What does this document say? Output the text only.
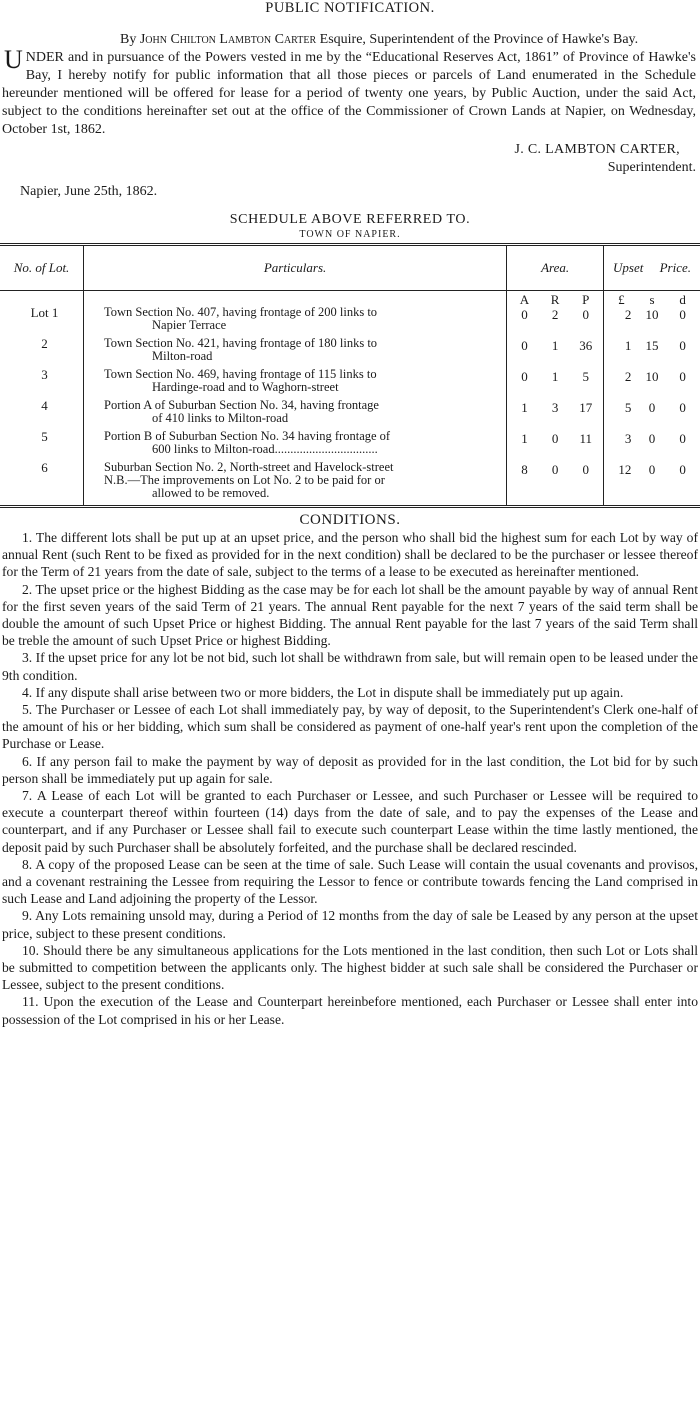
PUBLIC NOTIFICATION.

By John Chilton Lambton Carter Esquire, Superintendent of the Province of Hawke's Bay.

UNDER and in pursuance of the Powers vested in me by the “Educational Reserves Act, 1861” of Province of Hawke's Bay, I hereby notify for public information that all those pieces or parcels of Land enumerated in the Schedule hereunder mentioned will be offered for lease for a period of twenty one years, by Public Auction, under the said Act, subject to the conditions hereinafter set out at the office of the Commissioner of Crown Lands at Napier, on Wednesday, October 1st, 1862.

J. C. LAMBTON CARTER,

Superintendent.

Napier, June 25th, 1862.

SCHEDULE ABOVE REFERRED TO.

TOWN OF NAPIER.

No. of Lot.	Particulars.	Area.	Upset Price.

		A R P	£ s d

Lot 1	Town Section No. 407, having frontage of 200 links to
Napier Terrace	0 2 0	2 10 0

2	Town Section No. 421, having frontage of 180 links to
Milton-road	0 1 36	1 15 0

3	Town Section No. 469, having frontage of 115 links to
Hardinge-road and to Waghorn-street	0 1 5	2 10 0

4	Portion A of Suburban Section No. 34, having frontage
of 410 links to Milton-road	1 3 17	5 0 0

5	Portion B of Suburban Section No. 34 having frontage of
600 links to Milton-road.................................	1 0 11	3 0 0

6	Suburban Section No. 2, North-street and Havelock-street
N.B.—The improvements on Lot No. 2 to be paid for or
allowed to be removed.	8 0 0	12 0 0

CONDITIONS.

1. The different lots shall be put up at an upset price, and the person who shall bid the highest sum for each Lot by way of annual Rent (such Rent to be fixed as provided for in the next condition) shall be declared to be the purchaser or lessee thereof for the Term of 21 years from the date of sale, subject to the terms of a lease to be executed as hereinafter mentioned.

2. The upset price or the highest Bidding as the case may be for each lot shall be the amount payable by way of annual Rent for the first seven years of the said Term of 21 years. The annual Rent payable for the next 7 years of the said term shall be double the amount of such Upset Price or highest Bidding. The annual Rent payable for the last 7 years of the said Term shall be treble the amount of such Upset Price or highest Bidding.

3. If the upset price for any lot be not bid, such lot shall be withdrawn from sale, but will remain open to be leased under the 9th condition.

4. If any dispute shall arise between two or more bidders, the Lot in dispute shall be immediately put up again.

5. The Purchaser or Lessee of each Lot shall immediately pay, by way of deposit, to the Superintendent's Clerk one-half of the amount of his or her bidding, which sum shall be considered as payment of one-half year's rent upon the completion of the Purchase or Lease.

6. If any person fail to make the payment by way of deposit as provided for in the last condition, the Lot bid for by such person shall be immediately put up again for sale.

7. A Lease of each Lot will be granted to each Purchaser or Lessee, and such Purchaser or Lessee will be required to execute a counterpart thereof within fourteen (14) days from the date of sale, and to pay the expenses of the Lease and counterpart, and if any Purchaser or Lessee shall fail to execute such counterpart Lease within the time lastly mentioned, the deposit paid by such Purchaser shall be absolutely forfeited, and the purchase shall be declared rescinded.

8. A copy of the proposed Lease can be seen at the time of sale. Such Lease will contain the usual covenants and provisos, and a covenant restraining the Lessee from requiring the Lessor to fence or contribute towards fencing the Land comprised in such Lease and Land adjoining the property of the Lessor.

9. Any Lots remaining unsold may, during a Period of 12 months from the day of sale be Leased by any person at the upset price, subject to these present conditions.

10. Should there be any simultaneous applications for the Lots mentioned in the last condition, then such Lot or Lots shall be submitted to competition between the applicants only. The highest bidder at such sale shall be considered the Purchaser or Lessee, subject to the present conditions.

11. Upon the execution of the Lease and Counterpart hereinbefore mentioned, each Purchaser or Lessee shall enter into possession of the Lot comprised in his or her Lease.
